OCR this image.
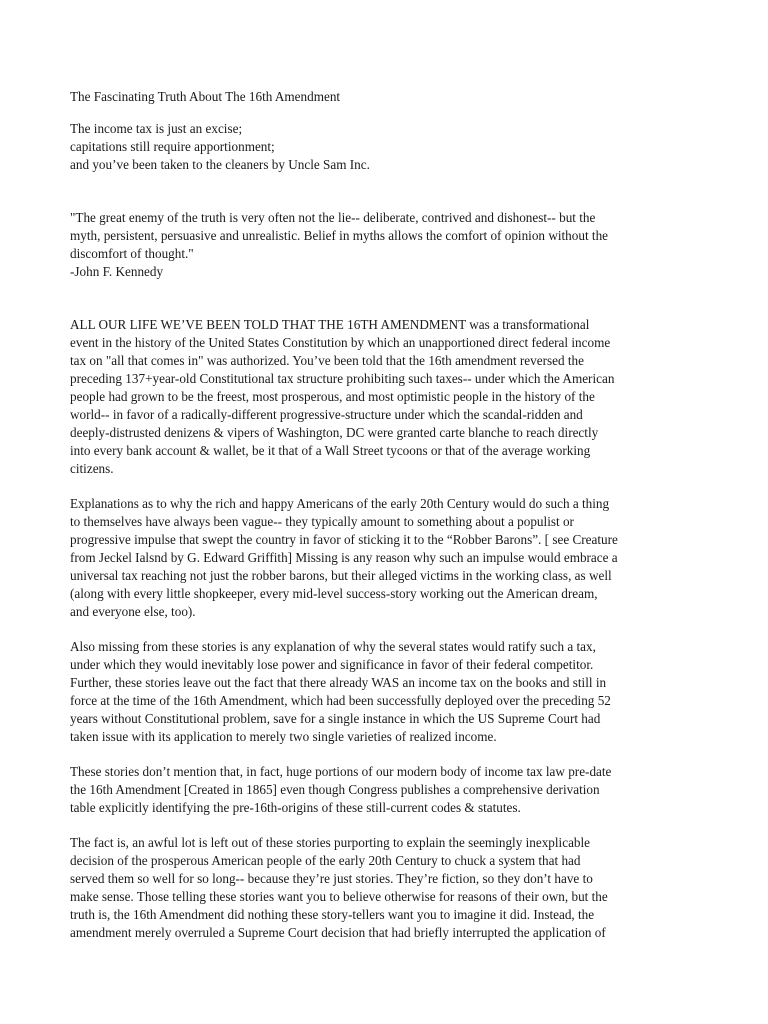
The Fascinating Truth About The 16th Amendment
The income tax is just an excise;
capitations still require apportionment;
and you’ve been taken to the cleaners by Uncle Sam Inc.
"The great enemy of the truth is very often not the lie-- deliberate, contrived and dishonest-- but the
myth, persistent, persuasive and unrealistic. Belief in myths allows the comfort of opinion without the
discomfort of thought."
-John F. Kennedy
ALL OUR LIFE WE’VE BEEN TOLD THAT THE 16TH AMENDMENT was a transformational
event in the history of the United States Constitution by which an unapportioned direct federal income
tax on "all that comes in" was authorized. You’ve been told that the 16th amendment reversed the
preceding 137+year-old Constitutional tax structure prohibiting such taxes-- under which the American
people had grown to be the freest, most prosperous, and most optimistic people in the history of the
world-- in favor of a radically-different progressive-structure under which the scandal-ridden and
deeply-distrusted denizens & vipers of Washington, DC were granted carte blanche to reach directly
into every bank account & wallet, be it that of a Wall Street tycoons or that of the average working
citizens.
Explanations as to why the rich and happy Americans of the early 20th Century would do such a thing
to themselves have always been vague-- they typically amount to something about a populist or
progressive impulse that swept the country in favor of sticking it to the “Robber Barons”. [ see Creature
from Jeckel Ialsnd by G. Edward Griffith] Missing is any reason why such an impulse would embrace a
universal tax reaching not just the robber barons, but their alleged victims in the working class, as well
(along with every little shopkeeper, every mid-level success-story working out the American dream,
and everyone else, too).
Also missing from these stories is any explanation of why the several states would ratify such a tax,
under which they would inevitably lose power and significance in favor of their federal competitor.
Further, these stories leave out the fact that there already WAS an income tax on the books and still in
force at the time of the 16th Amendment, which had been successfully deployed over the preceding 52
years without Constitutional problem, save for a single instance in which the US Supreme Court had
taken issue with its application to merely two single varieties of realized income.
These stories don’t mention that, in fact, huge portions of our modern body of income tax law pre-date
the 16th Amendment [Created in 1865] even though Congress publishes a comprehensive derivation
table explicitly identifying the pre-16th-origins of these still-current codes & statutes.
The fact is, an awful lot is left out of these stories purporting to explain the seemingly inexplicable
decision of the prosperous American people of the early 20th Century to chuck a system that had
served them so well for so long-- because they’re just stories. They’re fiction, so they don’t have to
make sense. Those telling these stories want you to believe otherwise for reasons of their own, but the
truth is, the 16th Amendment did nothing these story-tellers want you to imagine it did. Instead, the
amendment merely overruled a Supreme Court decision that had briefly interrupted the application of
